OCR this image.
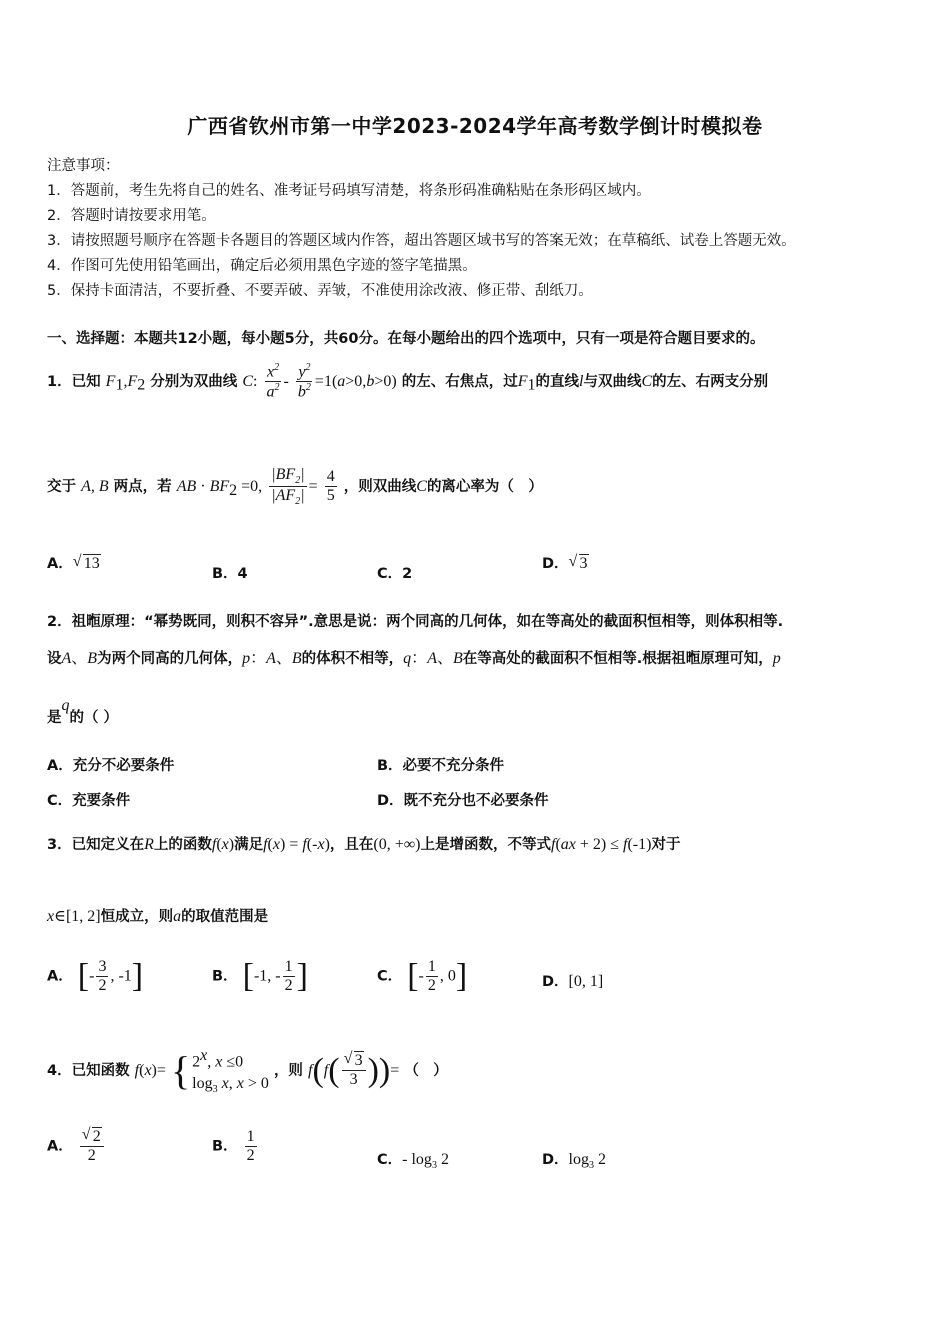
广西省钦州市第一中学2023-2024学年高考数学倒计时模拟卷
注意事项：
1．答题前，考生先将自己的姓名、准考证号码填写清楚，将条形码准确粘贴在条形码区域内。
2．答题时请按要求用笔。
3．请按照题号顺序在答题卡各题目的答题区域内作答，超出答题区域书写的答案无效；在草稿纸、试卷上答题无效。
4．作图可先使用铅笔画出，确定后必须用黑色字迹的签字笔描黑。
5．保持卡面清洁，不要折叠、不要弄破、弄皱，不准使用涂改液、修正带、刮纸刀。
一、选择题：本题共12小题，每小题5分，共60分。在每小题给出的四个选项中，只有一项是符合题目要求的。
1．已知 $F_1,F_2$ 分别为双曲线 C: $\frac{x^2}{a^2} - \frac{y^2}{b^2} =1(a>0,b>0)$ 的左、右焦点，过$F_1$的直线l与双曲线C的左、右两支分别
交于 A, B 两点，若 AB · $BF_2 =0$, $\frac{|BF_2|}{|AF_2|} = \frac{4}{5}$ ，则双曲线C的离心率为（　）
A． √ 13
B．4	C．2
D． √ 3
2．祖暅原理：“幂势既同，则积不容异”.意思是说：两个同高的几何体，如在等高处的截面积恒相等，则体积相等.
设A、B为两个同高的几何体，p：A、B的体积不相等，q：A、B在等高处的截面积不恒相等.根据祖暅原理可知，p
是q的（ ）
A．充分不必要条件	B．必要不充分条件
C．充要条件	D．既不充分也不必要条件
3．已知定义在R上的函数f(x)满足f(x) = f(-x)，且在(0, +∞)上是增函数，不等式f(ax + 2) ≤ f(-1)对于
x∈[1, 2]恒成立，则a的取值范围是
A． [- $\frac{3}{2}$ , -1]	B． [-1, - $\frac{1}{2}$ ]	C． [- $\frac{1}{2}$ , 0]	D．[0, 1]
4．已知函数 f(x)= { 2$^x$, x ≤0
$\log_3 x$, x > 0
，则 f(f( √ $\frac{3}{3}$ ))= （　）
A． √ $\frac{2}{2}$	B． $\frac{1}{2}$	C．- $\log_3 2$	D．$\log_3 2$
